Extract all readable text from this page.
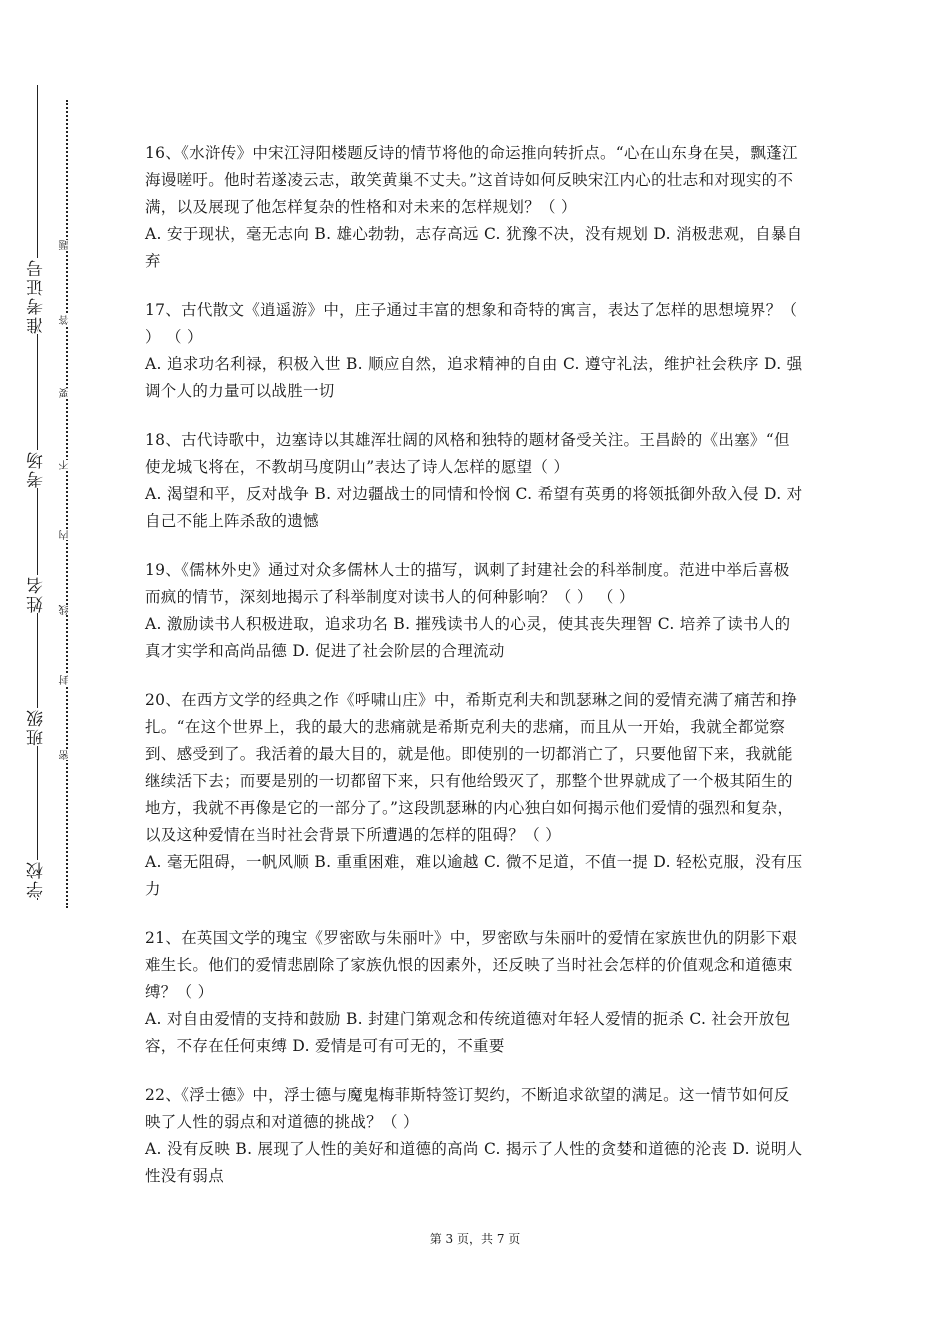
准考证号
考场
姓名
班级
学校
题
答
要
不
内
线
封
密

16、《水浒传》中宋江浔阳楼题反诗的情节将他的命运推向转折点。“心在山东身在吴，飘蓬江海谩嗟吁。他时若遂凌云志，敢笑黄巢不丈夫。”这首诗如何反映宋江内心的壮志和对现实的不满，以及展现了他怎样复杂的性格和对未来的怎样规划？（ ）

A. 安于现状，毫无志向 B. 雄心勃勃，志存高远 C. 犹豫不决，没有规划 D. 消极悲观，自暴自弃

17、古代散文《逍遥游》中，庄子通过丰富的想象和奇特的寓言，表达了怎样的思想境界？（ ） （ ）

A. 追求功名利禄，积极入世 B. 顺应自然，追求精神的自由 C. 遵守礼法，维护社会秩序 D. 强调个人的力量可以战胜一切

18、古代诗歌中，边塞诗以其雄浑壮阔的风格和独特的题材备受关注。王昌龄的《出塞》“但使龙城飞将在，不教胡马度阴山”表达了诗人怎样的愿望（ ）

A. 渴望和平，反对战争 B. 对边疆战士的同情和怜悯 C. 希望有英勇的将领抵御外敌入侵 D. 对自己不能上阵杀敌的遗憾

19、《儒林外史》通过对众多儒林人士的描写，讽刺了封建社会的科举制度。范进中举后喜极而疯的情节，深刻地揭示了科举制度对读书人的何种影响？（ ） （ ）

A. 激励读书人积极进取，追求功名 B. 摧残读书人的心灵，使其丧失理智 C. 培养了读书人的真才实学和高尚品德 D. 促进了社会阶层的合理流动

20、在西方文学的经典之作《呼啸山庄》中，希斯克利夫和凯瑟琳之间的爱情充满了痛苦和挣扎。“在这个世界上，我的最大的悲痛就是希斯克利夫的悲痛，而且从一开始，我就全都觉察到、感受到了。我活着的最大目的，就是他。即使别的一切都消亡了，只要他留下来，我就能继续活下去；而要是别的一切都留下来，只有他给毁灭了，那整个世界就成了一个极其陌生的地方，我就不再像是它的一部分了。”这段凯瑟琳的内心独白如何揭示他们爱情的强烈和复杂，以及这种爱情在当时社会背景下所遭遇的怎样的阻碍？（ ）

A. 毫无阻碍，一帆风顺 B. 重重困难，难以逾越 C. 微不足道，不值一提 D. 轻松克服，没有压力

21、在英国文学的瑰宝《罗密欧与朱丽叶》中，罗密欧与朱丽叶的爱情在家族世仇的阴影下艰难生长。他们的爱情悲剧除了家族仇恨的因素外，还反映了当时社会怎样的价值观念和道德束缚？（ ）

A. 对自由爱情的支持和鼓励 B. 封建门第观念和传统道德对年轻人爱情的扼杀 C. 社会开放包容，不存在任何束缚 D. 爱情是可有可无的，不重要

22、《浮士德》中，浮士德与魔鬼梅菲斯特签订契约，不断追求欲望的满足。这一情节如何反映了人性的弱点和对道德的挑战？（ ）

A. 没有反映 B. 展现了人性的美好和道德的高尚 C. 揭示了人性的贪婪和道德的沦丧 D. 说明人性没有弱点

第 3 页，共 7 页
